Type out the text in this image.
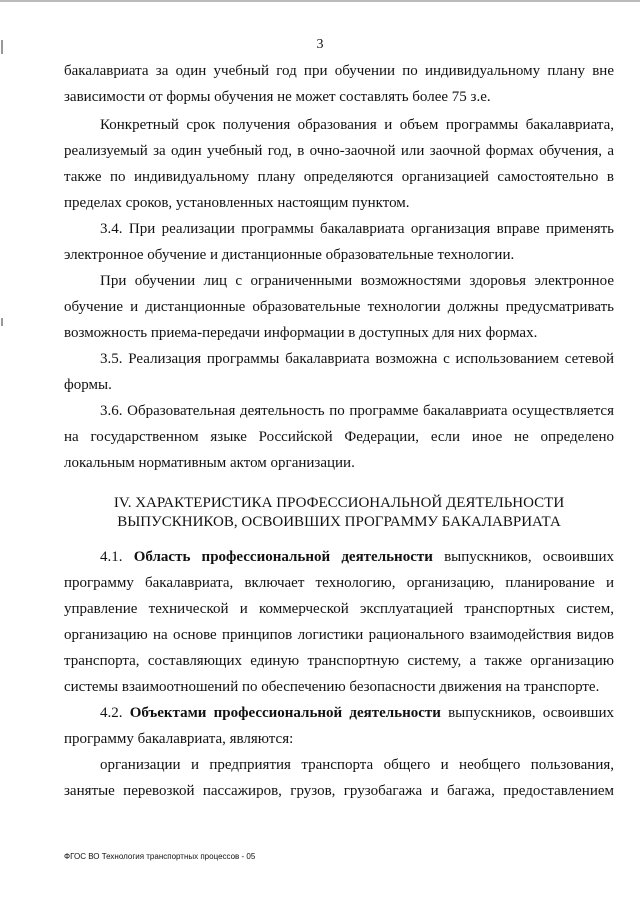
3
бакалавриата за один учебный год при обучении по индивидуальному плану вне зависимости от формы обучения не может составлять более 75 з.е.
Конкретный срок получения образования и объем программы бакалавриата, реализуемый за один учебный год, в очно-заочной или заочной формах обучения, а также по индивидуальному плану определяются организацией самостоятельно в пределах сроков, установленных настоящим пунктом.
3.4. При реализации программы бакалавриата организация вправе применять электронное обучение и дистанционные образовательные технологии.
При обучении лиц с ограниченными возможностями здоровья электронное обучение и дистанционные образовательные технологии должны предусматривать возможность приема-передачи информации в доступных для них формах.
3.5. Реализация программы бакалавриата возможна с использованием сетевой формы.
3.6. Образовательная деятельность по программе бакалавриата осуществляется на государственном языке Российской Федерации, если иное не определено локальным нормативным актом организации.
IV. ХАРАКТЕРИСТИКА ПРОФЕССИОНАЛЬНОЙ ДЕЯТЕЛЬНОСТИ
ВЫПУСКНИКОВ, ОСВОИВШИХ ПРОГРАММУ БАКАЛАВРИАТА
4.1. Область профессиональной деятельности выпускников, освоивших программу бакалавриата, включает технологию, организацию, планирование и управление технической и коммерческой эксплуатацией транспортных систем, организацию на основе принципов логистики рационального взаимодействия видов транспорта, составляющих единую транспортную систему, а также организацию системы взаимоотношений по обеспечению безопасности движения на транспорте.
4.2. Объектами профессиональной деятельности выпускников, освоивших программу бакалавриата, являются:
организации и предприятия транспорта общего и необщего пользования, занятые перевозкой пассажиров, грузов, грузобагажа и багажа, предоставлением
ФГОС ВО Технология транспортных процессов - 05
